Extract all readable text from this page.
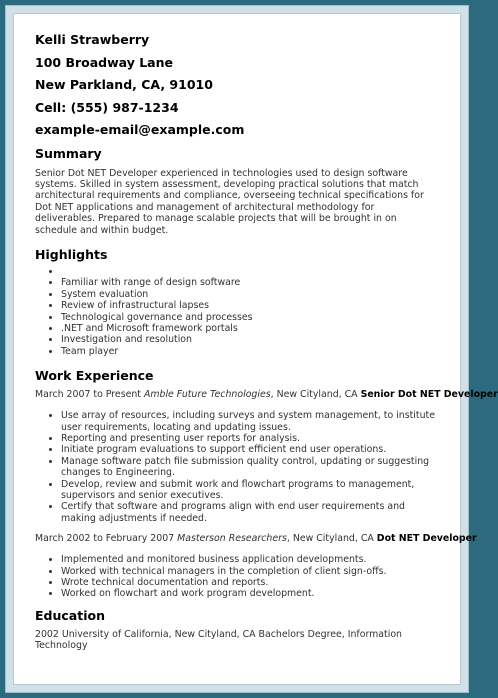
Kelli Strawberry
100 Broadway Lane
New Parkland, CA, 91010
Cell: (555) 987-1234
example-email@example.com
Summary

Senior Dot NET Developer experienced in technologies used to design software systems. Skilled in system assessment, developing practical solutions that match architectural requirements and compliance, overseeing technical specifications for Dot NET applications and management of architectural methodology for deliverables. Prepared to manage scalable projects that will be brought in on schedule and within budget.

Highlights
•
• Familiar with range of design software
• System evaluation
• Review of infrastructural lapses
• Technological governance and processes
• .NET and Microsoft framework portals
• Investigation and resolution
• Team player
Work Experience
March 2007 to Present Amble Future Technologies, New Cityland, CA Senior Dot NET Developer
• Use array of resources, including surveys and system management, to institute user requirements, locating and updating issues.
• Reporting and presenting user reports for analysis.
• Initiate program evaluations to support efficient end user operations.
• Manage software patch file submission quality control, updating or suggesting changes to Engineering.
• Develop, review and submit work and flowchart programs to management, supervisors and senior executives.
• Certify that software and programs align with end user requirements and making adjustments if needed.
March 2002 to February 2007 Masterson Researchers, New Cityland, CA Dot NET Developer
• Implemented and monitored business application developments.
• Worked with technical managers in the completion of client sign-offs.
• Wrote technical documentation and reports.
• Worked on flowchart and work program development.
Education

2002 University of California, New Cityland, CA Bachelors Degree, Information Technology
